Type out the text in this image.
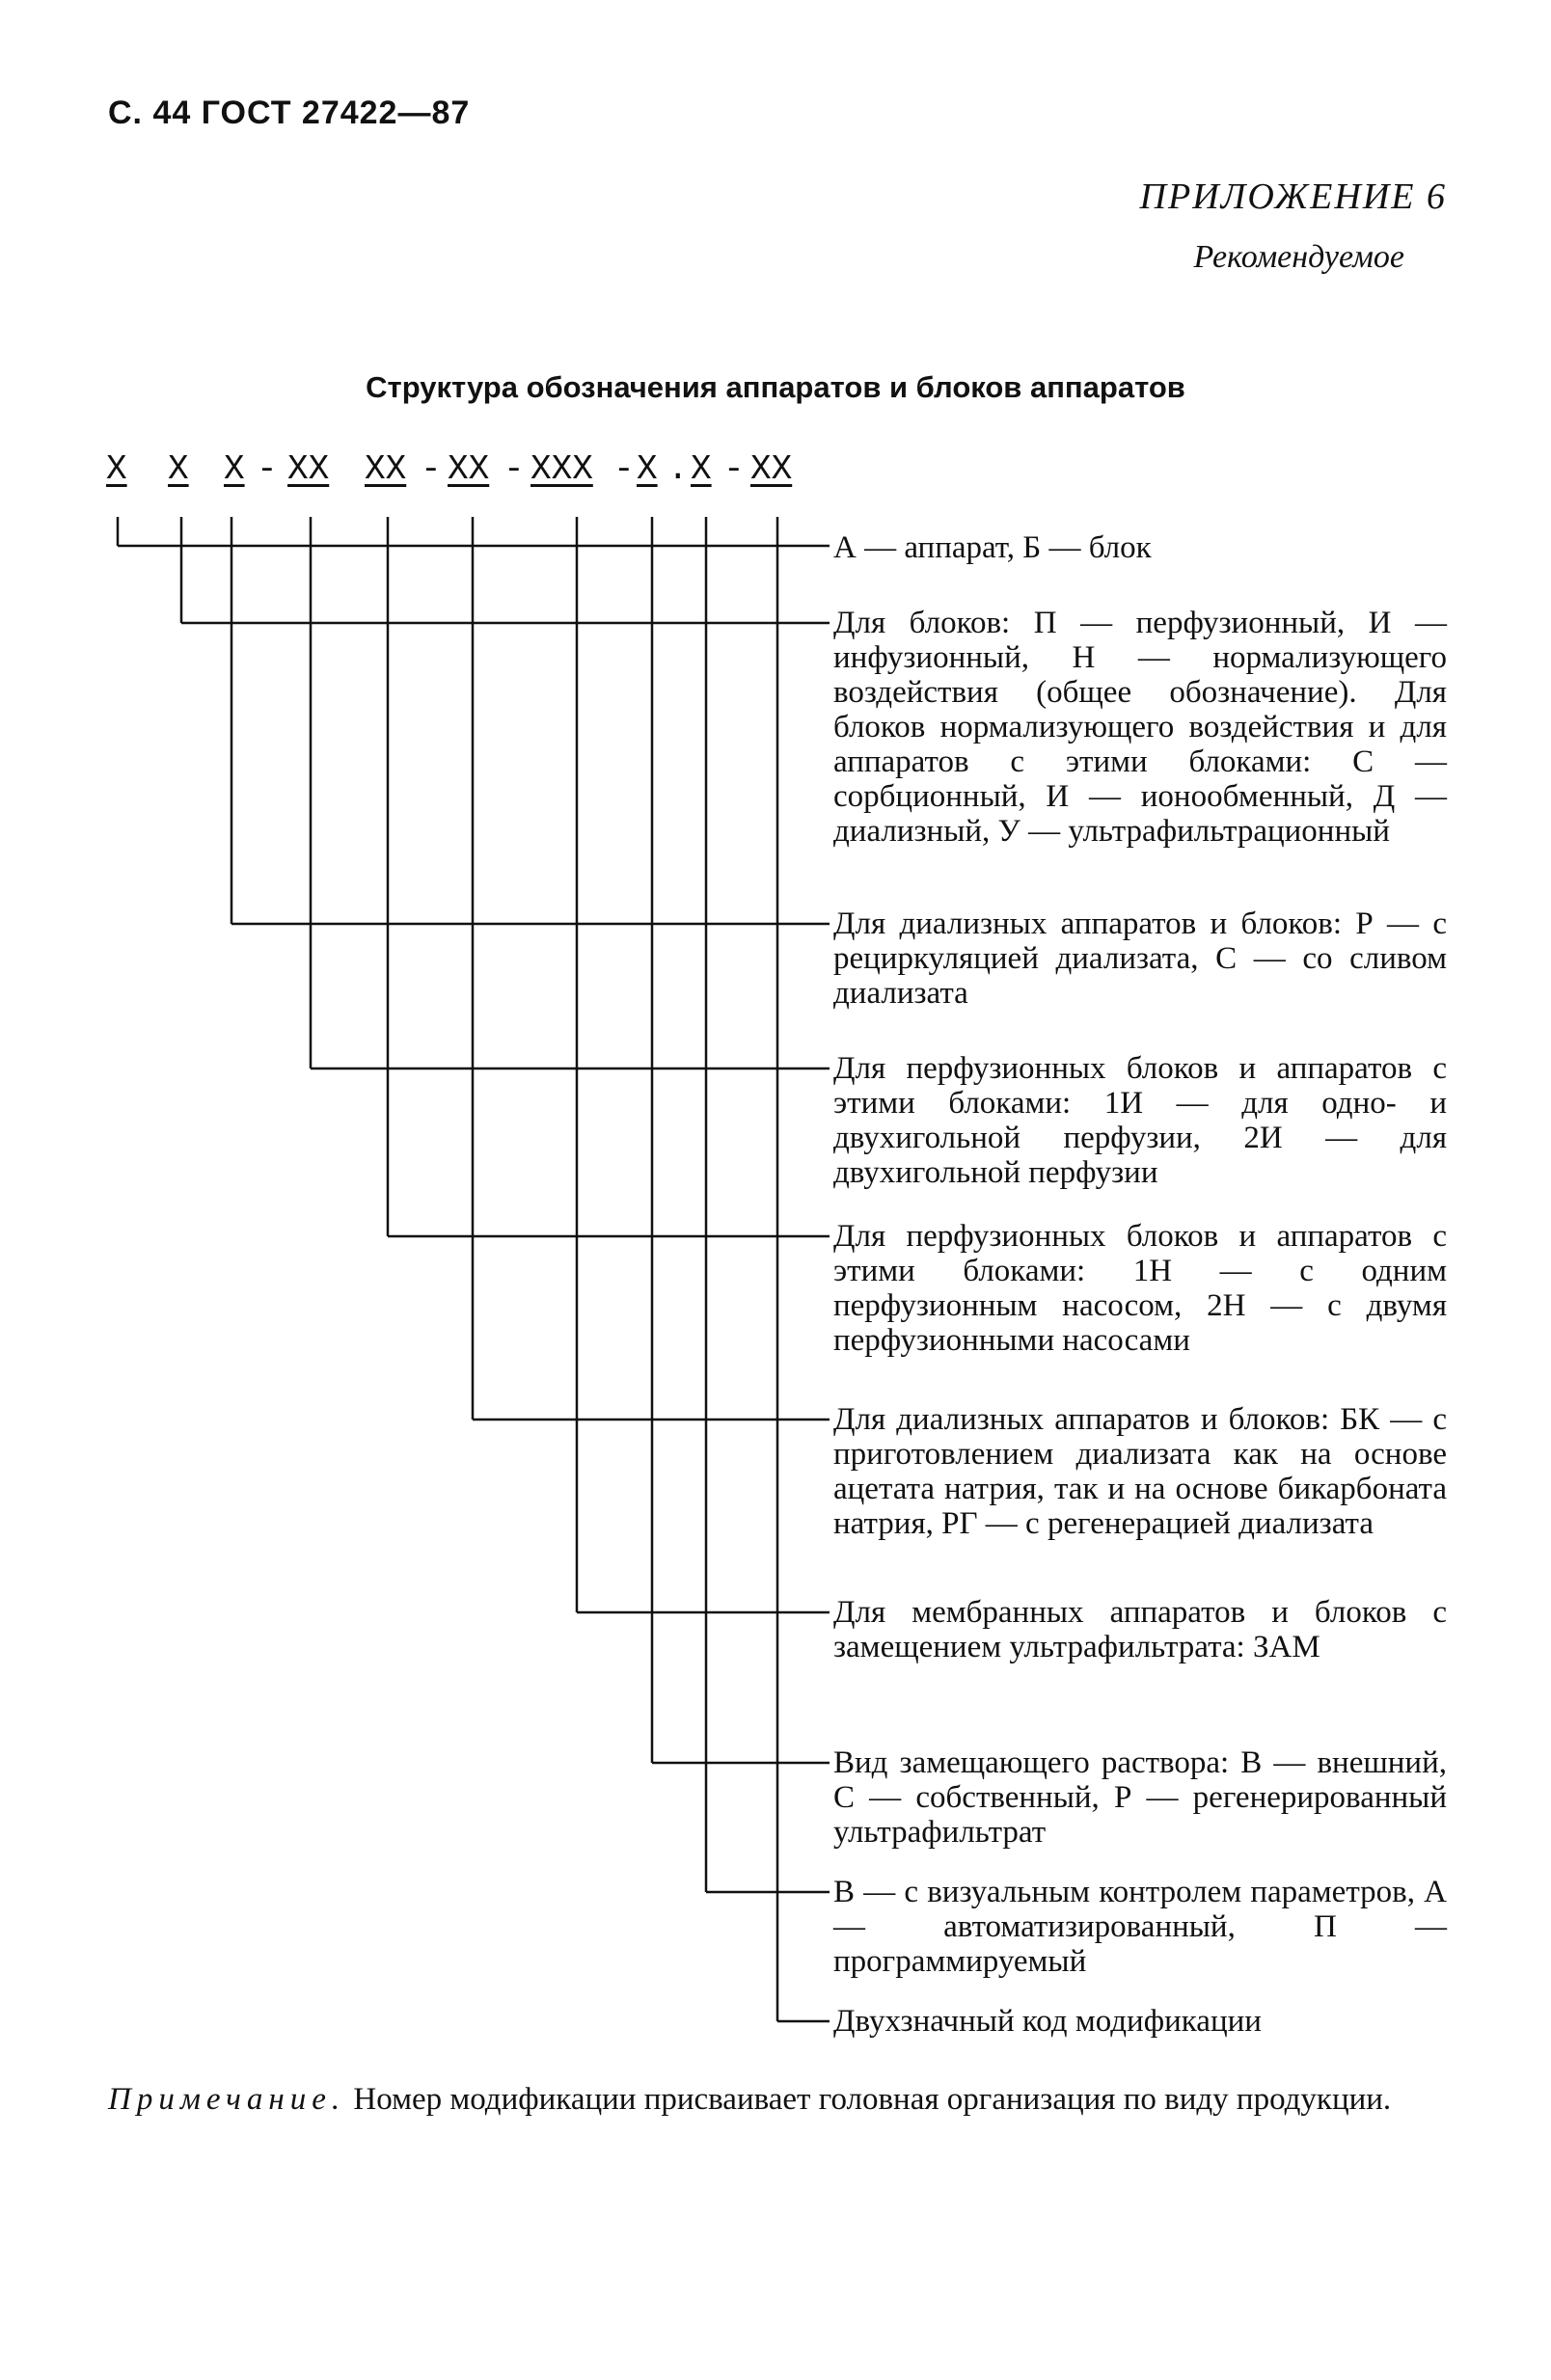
С. 44 ГОСТ 27422—87
ПРИЛОЖЕНИЕ 6
Рекомендуемое
Структура обозначения аппаратов и блоков аппаратов
X X X - XX XX - XX - XXX - X . X - XX
А — аппарат, Б — блок
Для блоков: П — перфузионный, И — инфузионный, Н — нормализующего воздействия (общее обозначение). Для блоков нормализующего воздействия и для аппаратов с этими блоками: С — сорбционный, И — ионообменный, Д — диализный, У — ультрафильтрационный
Для диализных аппаратов и блоков: Р — с рециркуляцией диализата, С — со сливом диализата
Для перфузионных блоков и аппаратов с этими блоками: 1И — для одно- и двухигольной перфузии, 2И — для двухигольной перфузии
Для перфузионных блоков и аппаратов с этими блоками: 1Н — с одним перфузионным насосом, 2Н — с двумя перфузионными насосами
Для диализных аппаратов и блоков: БК — с приготовлением диализата как на основе ацетата натрия, так и на основе бикарбоната натрия, РГ — с регенерацией диализата
Для мембранных аппаратов и блоков с замещением ультрафильтрата: ЗАМ
Вид замещающего раствора: В — внешний, С — собственный, Р — регенерированный ультрафильтрат
В — с визуальным контролем параметров, А — автоматизированный, П — программируемый
Двухзначный код модификации
Примечание. Номер модификации присваивает головная организация по виду продукции.
